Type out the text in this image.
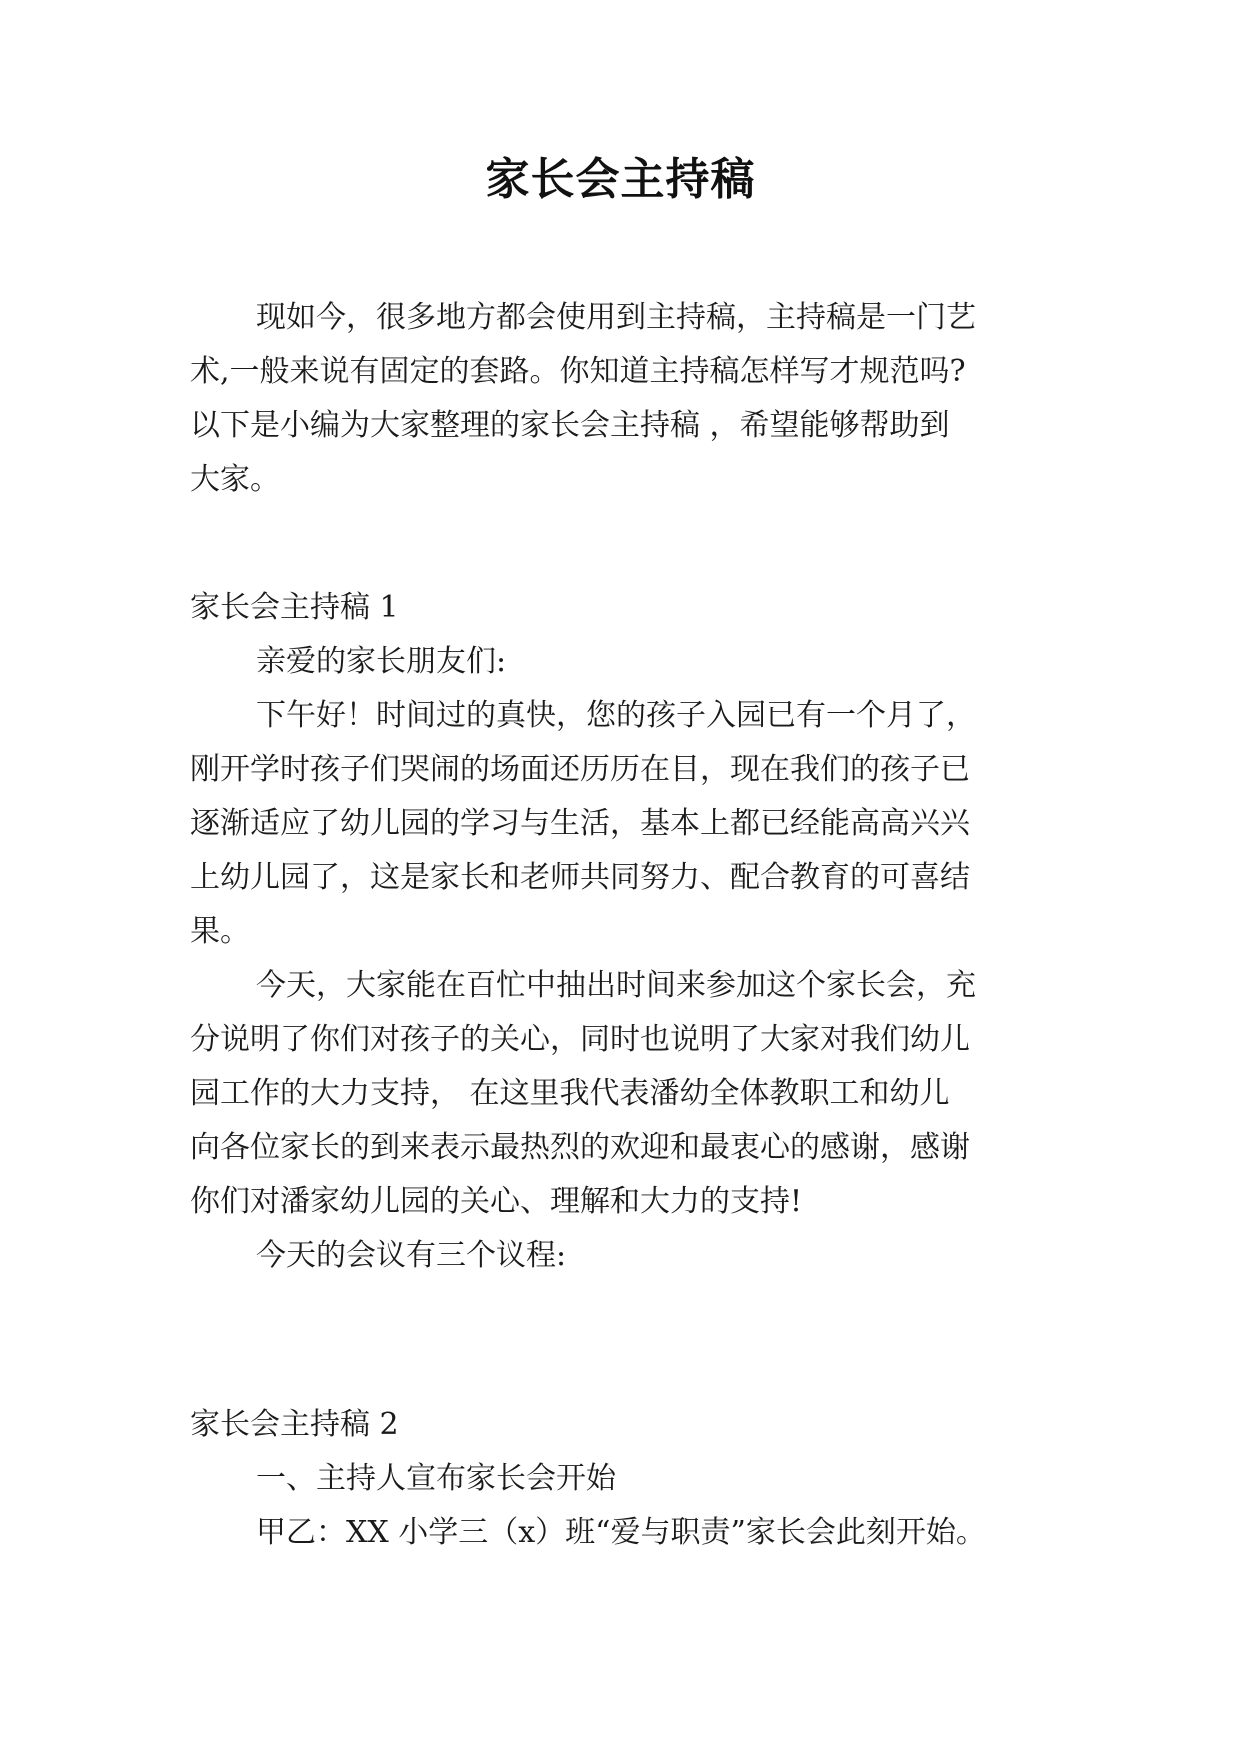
家长会主持稿
现如今，很多地方都会使用到主持稿，主持稿是一门艺
术,一般来说有固定的套路。你知道主持稿怎样写才规范吗?
以下是小编为大家整理的家长会主持稿 ，希望能够帮助到
大家。
家长会主持稿 1
亲爱的家长朋友们:
下午好！时间过的真快，您的孩子入园已有一个月了，
刚开学时孩子们哭闹的场面还历历在目，现在我们的孩子已
逐渐适应了幼儿园的学习与生活，基本上都已经能高高兴兴
上幼儿园了，这是家长和老师共同努力、配合教育的可喜结
果。
今天，大家能在百忙中抽出时间来参加这个家长会，充
分说明了你们对孩子的关心，同时也说明了大家对我们幼儿
园工作的大力支持， 在这里我代表潘幼全体教职工和幼儿
向各位家长的到来表示最热烈的欢迎和最衷心的感谢，感谢
你们对潘家幼儿园的关心、理解和大力的支持!
今天的会议有三个议程:
家长会主持稿 2
一、主持人宣布家长会开始
甲乙：XX 小学三（x）班“爱与职责”家长会此刻开始。
